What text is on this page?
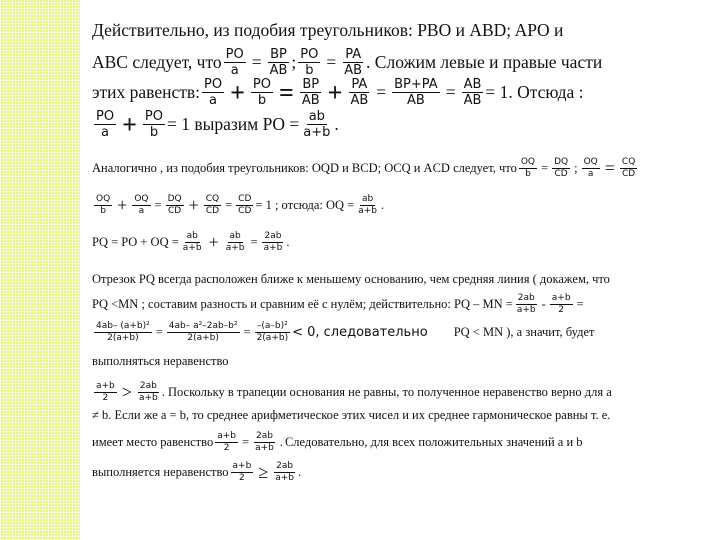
Действительно, из подобия треугольников: PBO и ABD; APO и
ABC следует, что $\frac{PO}{a} = \frac{BP}{AB}$ ; $\frac{PO}{b} = \frac{PA}{AB}$ . Сложим левые и правые части
этих равенств: $\frac{PO}{a} + \frac{PO}{b} = \frac{BP}{AB} + \frac{PA}{AB} = \frac{BP+PA}{AB} = \frac{AB}{AB} = 1$. Отсюда :
$\frac{PO}{a} + \frac{PO}{b} = 1$ выразим PO = $\frac{ab}{a+b}$ .
Аналогично , из подобия треугольников: OQD и BCD; OCQ и ACD следует, что $\frac{OQ}{b} = \frac{DQ}{CD}$ ; $\frac{OQ}{a} = \frac{CQ}{CD}$
$\frac{OQ}{b} + \frac{OQ}{a} = \frac{DQ}{CD} + \frac{CQ}{CD} = \frac{CD}{CD} = 1$ ; отсюда: OQ = $\frac{ab}{a+b}$ .
PQ = PO + OQ = $\frac{ab}{a+b} + \frac{ab}{a+b} = \frac{2ab}{a+b}$ .
Отрезок PQ всегда расположен ближе к меньшему основанию, чем средняя линия ( докажем, что
PQ <MN ; составим разность и сравним её с нулём; действительно: PQ – MN = $\frac{2ab}{a+b} - \frac{a+b}{2}$ =
$\frac{\text{4ab– (a+b)²}}{2(a+b)} = \frac{\text{4ab– a²–2ab–b²}}{2(a+b)} = \frac{\text{–(a–b)²}}{2(a+b)} < 0$, следовательно PQ < MN ), а значит, будет
выполняться неравенство
$\frac{a+b}{2} > \frac{2ab}{a+b}$ . Поскольку в трапеции основания не равны, то полученное неравенство верно для a
≠ b. Если же a = b, то среднее арифметическое этих чисел и их среднее гармоническое равны т. е.
имеет место равенство $\frac{a+b}{2} = \frac{2ab}{a+b}$ . Следовательно, для всех положительных значений a и b
выполняется неравенство $\frac{a+b}{2} \ge \frac{2ab}{a+b}$ .
